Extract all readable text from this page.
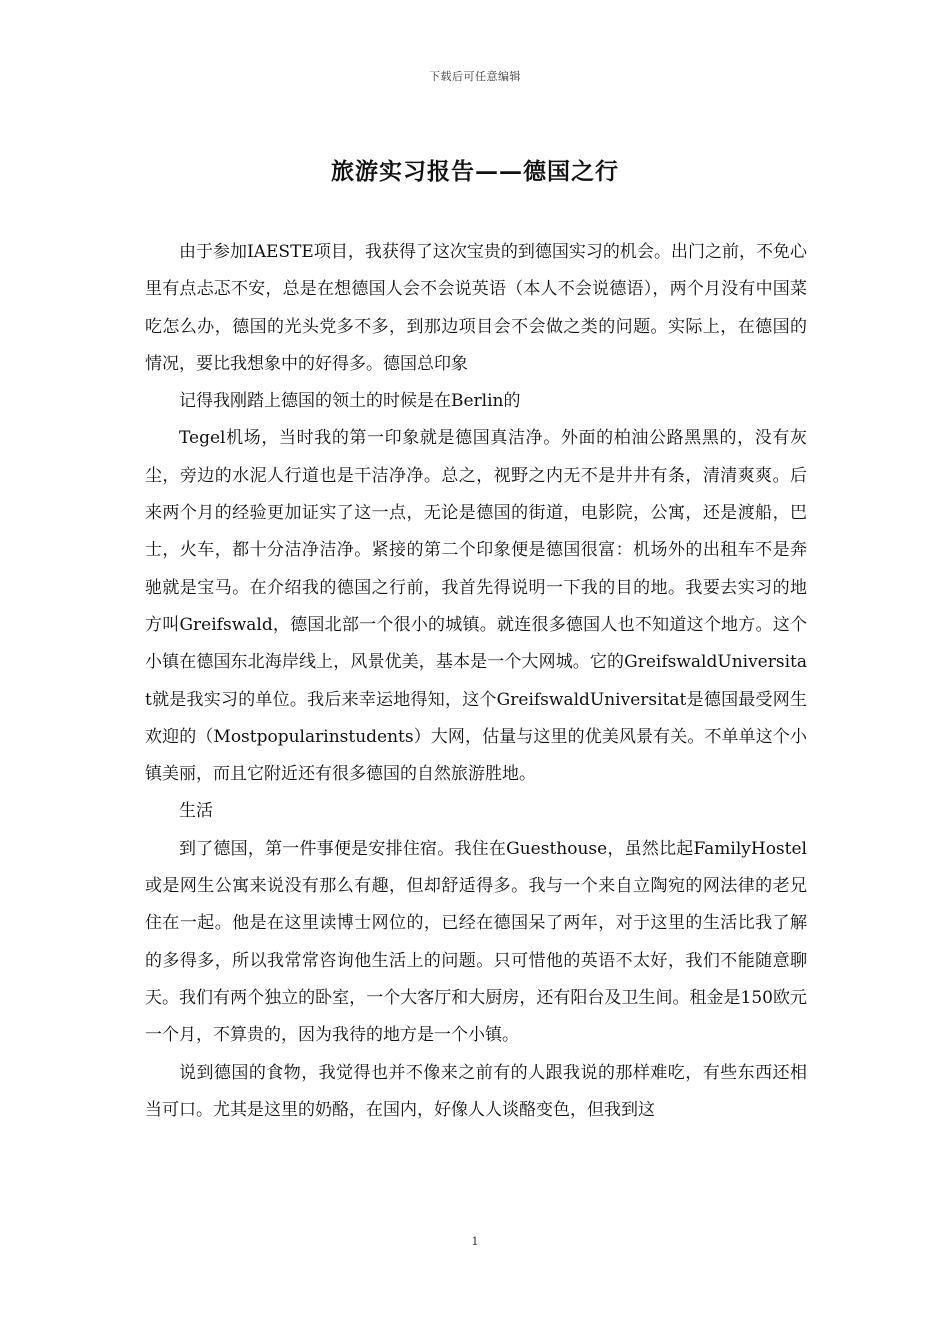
下载后可任意编辑
旅游实习报告——德国之行

由于参加IAESTE项目，我获得了这次宝贵的到德国实习的机会。出门之前，不免心里有点忐忑不安，总是在想德国人会不会说英语（本人不会说德语），两个月没有中国菜吃怎么办，德国的光头党多不多，到那边项目会不会做之类的问题。实际上，在德国的情况，要比我想象中的好得多。德国总印象

记得我刚踏上德国的领土的时候是在Berlin的

Tegel机场，当时我的第一印象就是德国真洁净。外面的柏油公路黑黑的，没有灰尘，旁边的水泥人行道也是干洁净净。总之，视野之内无不是井井有条，清清爽爽。后来两个月的经验更加证实了这一点，无论是德国的街道，电影院，公寓，还是渡船，巴士，火车，都十分洁净洁净。紧接的第二个印象便是德国很富：机场外的出租车不是奔驰就是宝马。在介绍我的德国之行前，我首先得说明一下我的目的地。我要去实习的地方叫Greifswald，德国北部一个很小的城镇。就连很多德国人也不知道这个地方。这个小镇在德国东北海岸线上，风景优美，基本是一个大网城。它的GreifswaldUniversitat就是我实习的单位。我后来幸运地得知，这个GreifswaldUniversitat是德国最受网生欢迎的（Mostpopularinstudents）大网，估量与这里的优美风景有关。不单单这个小镇美丽，而且它附近还有很多德国的自然旅游胜地。

生活

到了德国，第一件事便是安排住宿。我住在Guesthouse，虽然比起FamilyHostel或是网生公寓来说没有那么有趣，但却舒适得多。我与一个来自立陶宛的网法律的老兄住在一起。他是在这里读博士网位的，已经在德国呆了两年，对于这里的生活比我了解的多得多，所以我常常咨询他生活上的问题。只可惜他的英语不太好，我们不能随意聊天。我们有两个独立的卧室，一个大客厅和大厨房，还有阳台及卫生间。租金是150欧元一个月，不算贵的，因为我待的地方是一个小镇。

说到德国的食物，我觉得也并不像来之前有的人跟我说的那样难吃，有些东西还相当可口。尤其是这里的奶酪，在国内，好像人人谈酪变色，但我到这

1
